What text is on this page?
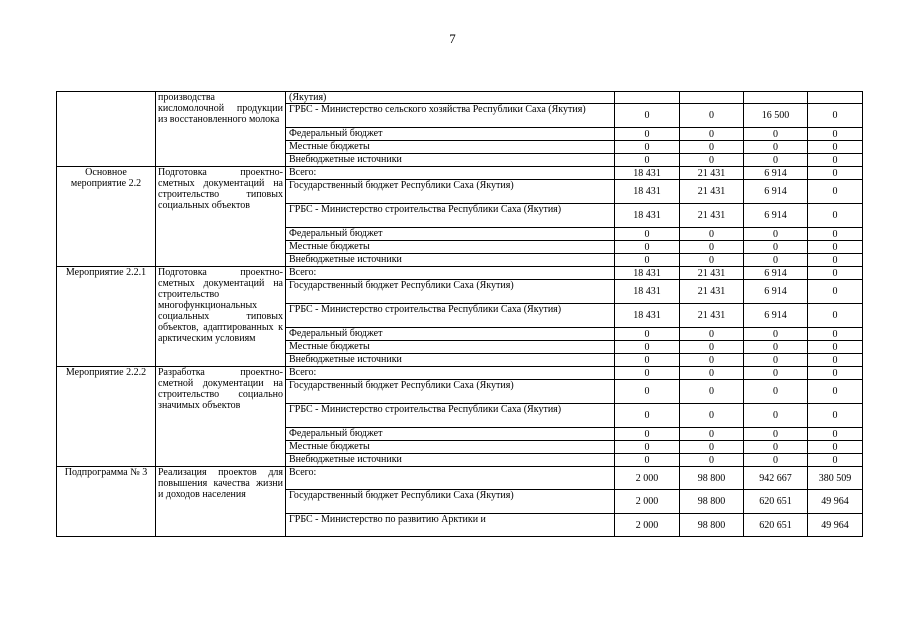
7
	производства кисломолочной продукции из восстановленного молока	(Якутия)					
		ГРБС - Министерство сельского хозяйства Республики Саха (Якутия)	0	0	16 500	0	
		Федеральный бюджет	0	0	0	0	
		Местные бюджеты	0	0	0	0	
		Внебюджетные источники	0	0	0	0	
Основное мероприятие 2.2	Подготовка проектно-сметных документаций на строительство типовых социальных объектов	Всего:	18 431	21 431	6 914	0	
		Государственный бюджет Республики Саха (Якутия)	18 431	21 431	6 914	0	
		ГРБС - Министерство строительства Республики Саха (Якутия)	18 431	21 431	6 914	0	
		Федеральный бюджет	0	0	0	0	
		Местные бюджеты	0	0	0	0	
		Внебюджетные источники	0	0	0	0	
Мероприятие 2.2.1	Подготовка проектно-сметных документаций на строительство многофункциональных социальных типовых объектов, адаптированных к арктическим условиям	Всего:	18 431	21 431	6 914	0	
		Государственный бюджет Республики Саха (Якутия)	18 431	21 431	6 914	0	
		ГРБС - Министерство строительства Республики Саха (Якутия)	18 431	21 431	6 914	0	
		Федеральный бюджет	0	0	0	0	
		Местные бюджеты	0	0	0	0	
		Внебюджетные источники	0	0	0	0	
Мероприятие 2.2.2	Разработка проектно-сметной документации на строительство социально значимых объектов	Всего:	0	0	0	0	
		Государственный бюджет Республики Саха (Якутия)	0	0	0	0	
		ГРБС - Министерство строительства Республики Саха (Якутия)	0	0	0	0	
		Федеральный бюджет	0	0	0	0	
		Местные бюджеты	0	0	0	0	
		Внебюджетные источники	0	0	0	0	
Подпрограмма № 3	Реализация проектов для повышения качества жизни и доходов населения	Всего:	2 000	98 800	942 667	380 509	
		Государственный бюджет Республики Саха (Якутия)	2 000	98 800	620 651	49 964	
		ГРБС - Министерство по развитию Арктики и	2 000	98 800	620 651	49 964	
